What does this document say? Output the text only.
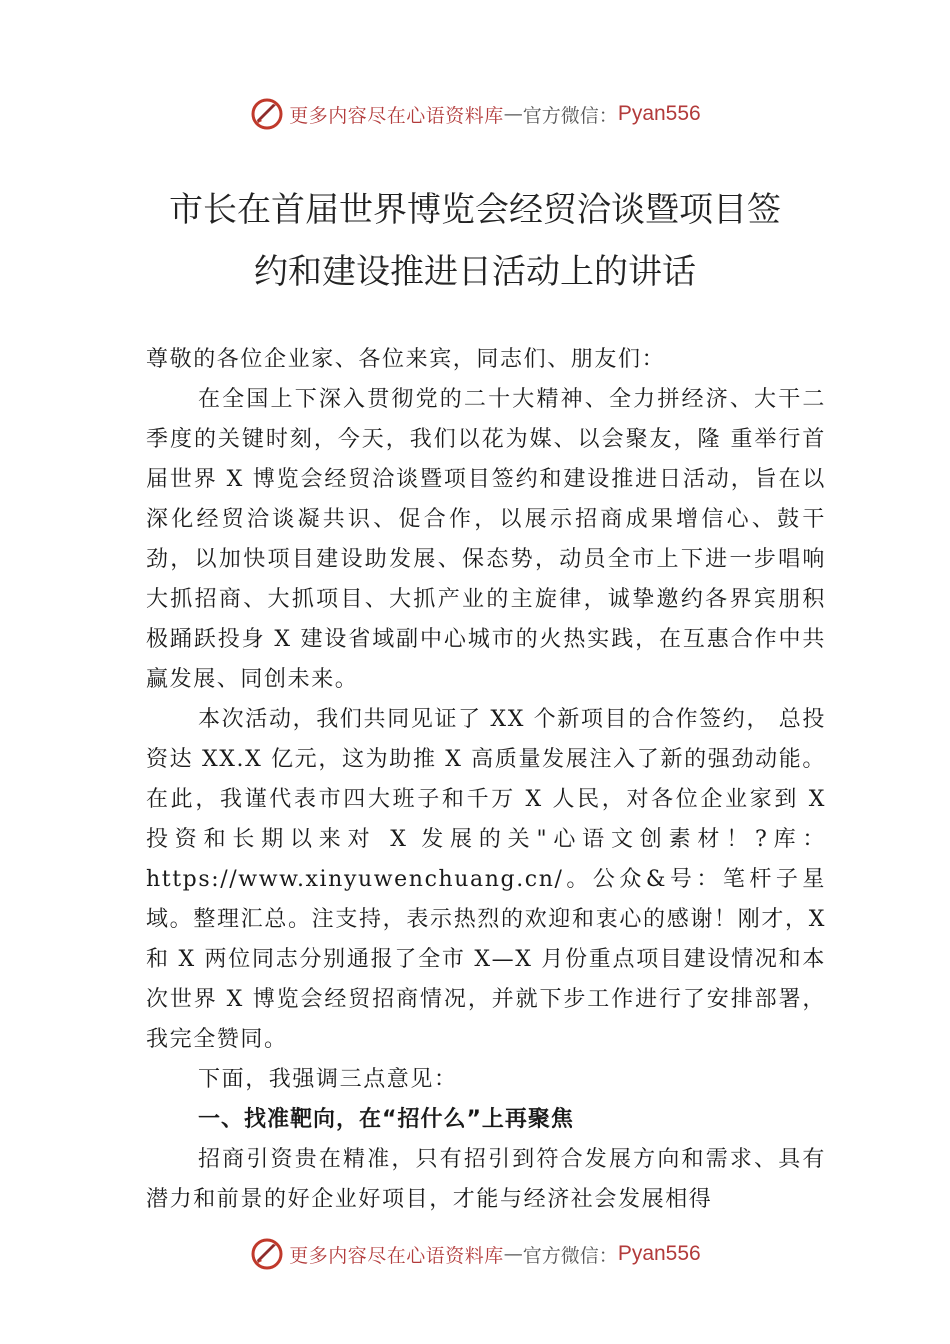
更多内容尽在心语资料库 — 官方微信： Pyan556
市长在首届世界博览会经贸洽谈暨项目签
约和建设推进日活动上的讲话

尊敬的各位企业家、各位来宾，同志们、朋友们：

在全国上下深入贯彻党的二十大精神、全力拼经济、大干二季度的关键时刻，今天，我们以花为媒、以会聚友，隆 重举行首届世界 X 博览会经贸洽谈暨项目签约和建设推进日活动，旨在以深化经贸洽谈凝共识、促合作，以展示招商成果增信心、鼓干劲，以加快项目建设助发展、保态势，动员全市上下进一步唱响大抓招商、大抓项目、大抓产业的主旋律，诚挚邀约各界宾朋积极踊跃投身 X 建设省域副中心城市的火热实践，在互惠合作中共赢发展、同创未来。

本次活动，我们共同见证了 XX 个新项目的合作签约， 总投资达 XX.X 亿元，这为助推 X 高质量发展注入了新的强劲动能。在此，我谨代表市四大班子和千万 X 人民，对各位企业家到 X 投资和长期以来对 X 发展的关"心语文创素材！?库：https://www.xinyuwenchuang.cn/。公众&号：笔杆子星域。整理汇总。注支持，表示热烈的欢迎和衷心的感谢！刚才，X 和 X 两位同志分别通报了全市 X—X 月份重点项目建设情况和本次世界 X 博览会经贸招商情况，并就下步工作进行了安排部署，我完全赞同。

下面，我强调三点意见：

一、找准靶向，在“招什么”上再聚焦

招商引资贵在精准，只有招引到符合发展方向和需求、具有潜力和前景的好企业好项目，才能与经济社会发展相得

更多内容尽在心语资料库 — 官方微信： Pyan556
